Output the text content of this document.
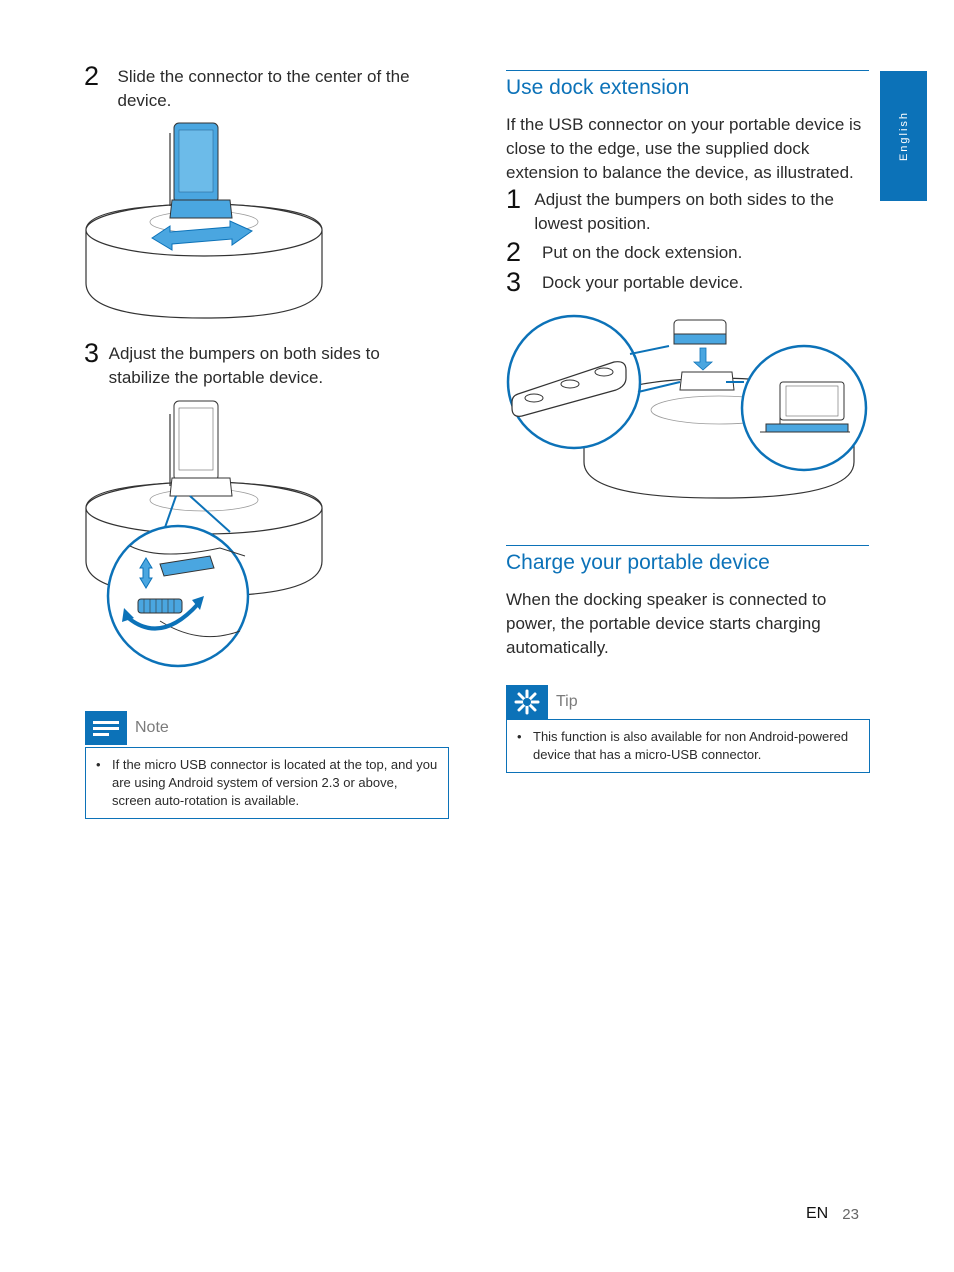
English
2	Slide the connector to the center of the device.
3 Adjust the bumpers on both sides to stabilize the portable device.
Note
• If the micro USB connector is located at the top, and you are using Android system of version 2.3 or above, screen auto-rotation is available.
Use dock extension
If the USB connector on your portable device is close to the edge, use the supplied dock extension to balance the device, as illustrated.
1 Adjust the bumpers on both sides to the lowest position.
2	Put on the dock extension.
3	Dock your portable device.
Charge your portable device
When the docking speaker is connected to power, the portable device starts charging automatically.
Tip
• This function is also available for non Android-powered device that has a micro-USB connector.
EN 23
